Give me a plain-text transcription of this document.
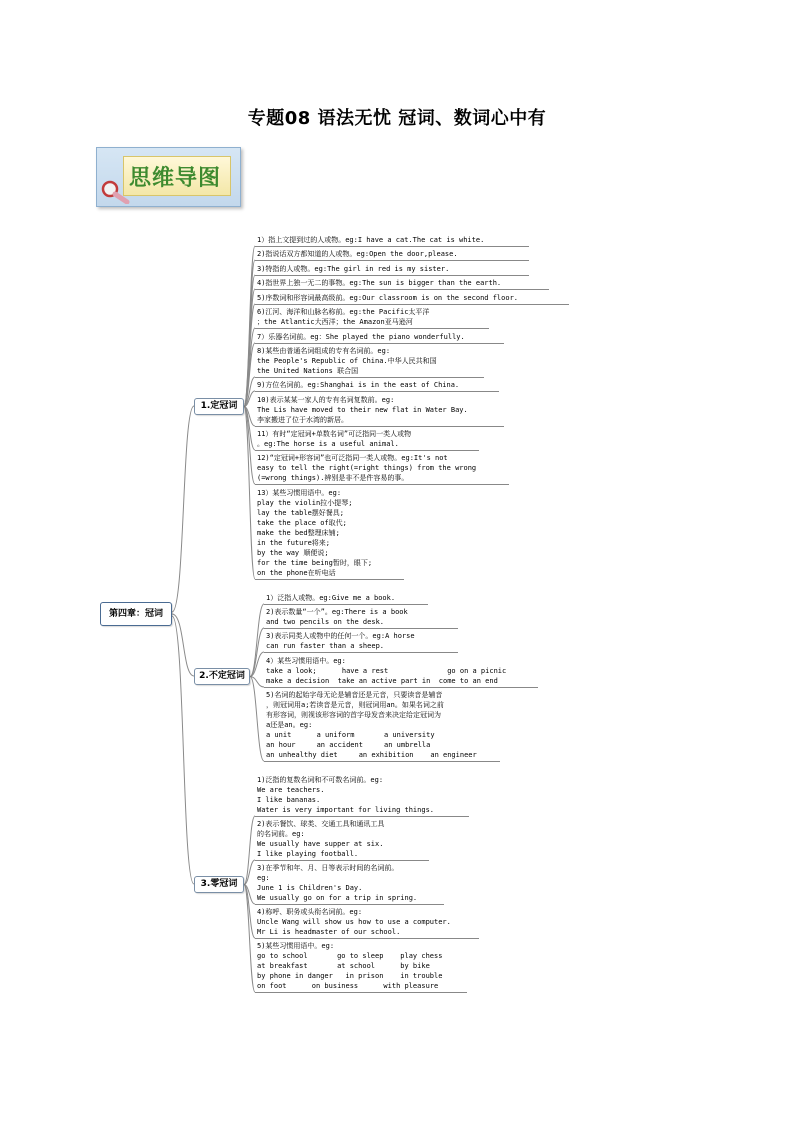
专题08 语法无忧 冠词、数词心中有
思维导图
第四章：冠词
1.定冠词
2.不定冠词
3.零冠词
1）指上文提到过的人或物。eg:I have a cat.The cat is white.
2)指说话双方都知道的人或物。eg:Open the door,please.
3)特指的人或物。eg:The girl in red is my sister.
4)指世界上独一无二的事物。eg:The sun is bigger than the earth.
5)序数词和形容词最高级前。eg:Our classroom is on the second floor.
6)江河、海洋和山脉名称前。eg:the Pacific太平洋
；the Atlantic大西洋；the Amazon亚马逊河
7）乐器名词前。eg：She played the piano wonderfully.
8)某些由普通名词组成的专有名词前。eg:
the People's Republic of China.中华人民共和国
the United Nations 联合国
9)方位名词前。eg:Shanghai is in the east of China.
10)表示某某一家人的专有名词复数前。eg:
The Lis have moved to their new flat in Water Bay.
李家搬进了位于水湾的新居。
11）有时“定冠词+单数名词”可泛指同一类人或物
。eg:The horse is a useful animal.
12)“定冠词+形容词”也可泛指同一类人或物。eg:It's not
easy to tell the right(=right things) from the wrong
(=wrong things).辨别是非不是件容易的事。
13）某些习惯用语中。eg:
play the violin拉小提琴;
lay the table摆好餐具;
take the place of取代;
make the bed整理床铺;
in the future将来;
by the way 顺便说;
for the time being暂时，眼下;
on the phone在听电话
1）泛指人或物。eg:Give me a book.
2)表示数量“一个”。eg:There is a book
and two pencils on the desk.
3)表示同类人或物中的任何一个。eg:A horse
can run faster than a sheep.
4）某些习惯用语中。eg:
take a look;      have a rest              go on a picnic
make a decision  take an active part in  come to an end
5)名词的起始字母无论是辅音还是元音，只要读音是辅音
，则冠词用a;若读音是元音，则冠词用an。如果名词之前
有形容词，则视该形容词的首字母发音来决定给定冠词为
a还是an。eg:
a unit      a uniform       a university
an hour     an accident     an umbrella
an unhealthy diet     an exhibition    an engineer
1)泛指的复数名词和不可数名词前。eg:
We are teachers.
I like bananas.
Water is very important for living things.
2)表示餐饮、球类、交通工具和通讯工具
的名词前。eg:
We usually have supper at six.
I like playing football.
3)在季节和年、月、日等表示时间的名词前。
eg:
June 1 is Children's Day.
We usually go on for a trip in spring.
4)称呼、职务或头衔名词前。eg:
Uncle Wang will show us how to use a computer.
Mr Li is headmaster of our school.
5)某些习惯用语中。eg:
go to school       go to sleep    play chess
at breakfast       at school      by bike
by phone in danger   in prison    in trouble
on foot      on business      with pleasure
